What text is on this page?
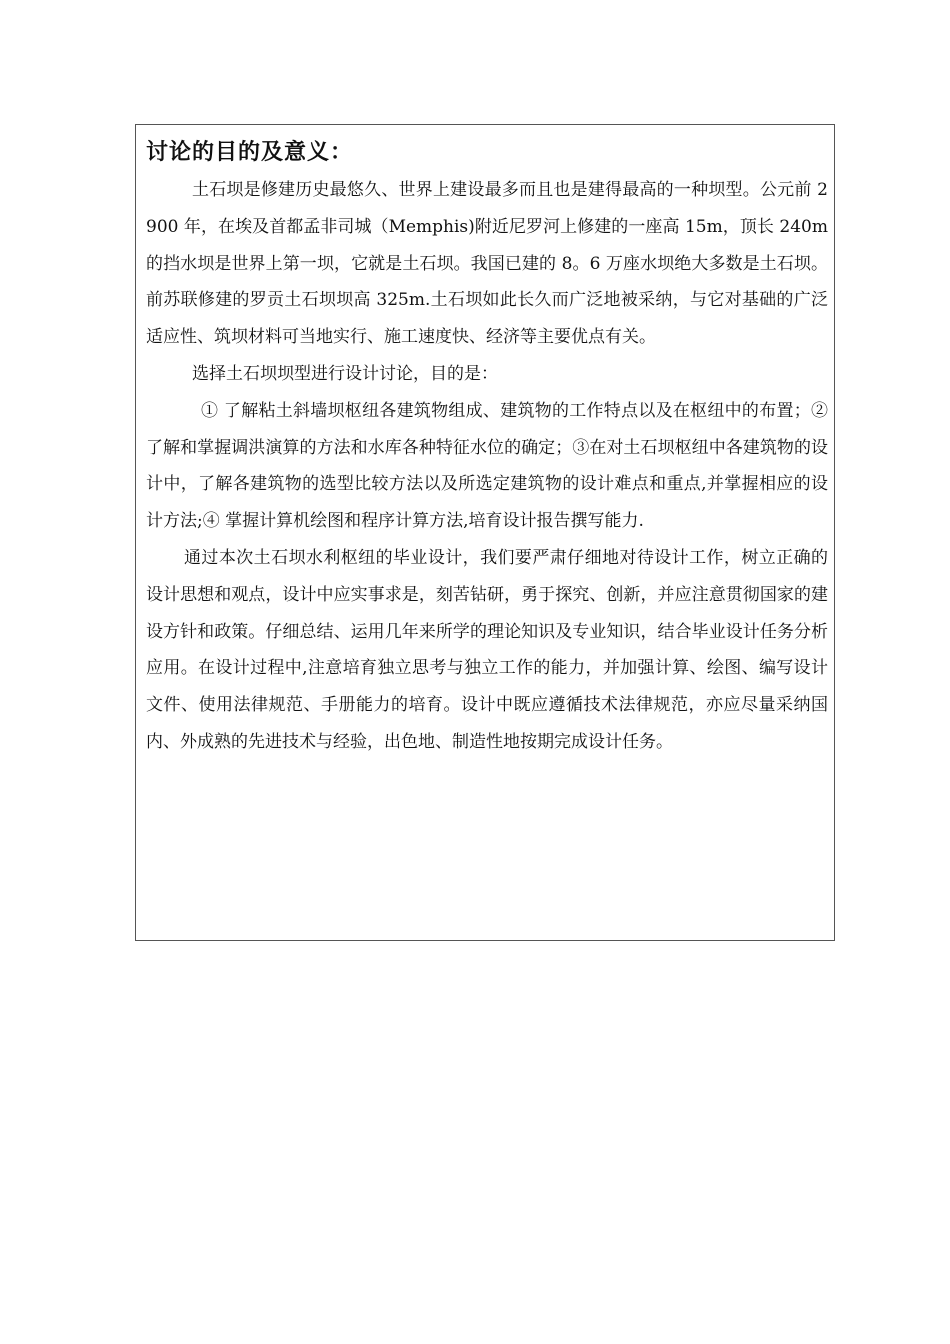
讨论的目的及意义：

土石坝是修建历史最悠久、世界上建设最多而且也是建得最高的一种坝型。公元前 2900 年，在埃及首都孟非司城（Memphis)附近尼罗河上修建的一座高 15m，顶长 240m 的挡水坝是世界上第一坝，它就是土石坝。我国已建的 8。6 万座水坝绝大多数是土石坝。前苏联修建的罗贡土石坝坝高 325m.土石坝如此长久而广泛地被采纳，与它对基础的广泛适应性、筑坝材料可当地实行、施工速度快、经济等主要优点有关。

选择土石坝坝型进行设计讨论，目的是：

① 了解粘土斜墙坝枢纽各建筑物组成、建筑物的工作特点以及在枢纽中的布置；②了解和掌握调洪演算的方法和水库各种特征水位的确定；③在对土石坝枢纽中各建筑物的设计中，了解各建筑物的选型比较方法以及所选定建筑物的设计难点和重点,并掌握相应的设计方法;④ 掌握计算机绘图和程序计算方法,培育设计报告撰写能力.

通过本次土石坝水利枢纽的毕业设计，我们要严肃仔细地对待设计工作，树立正确的设计思想和观点，设计中应实事求是，刻苦钻研，勇于探究、创新，并应注意贯彻国家的建设方针和政策。仔细总结、运用几年来所学的理论知识及专业知识，结合毕业设计任务分析应用。在设计过程中,注意培育独立思考与独立工作的能力，并加强计算、绘图、编写设计文件、使用法律规范、手册能力的培育。设计中既应遵循技术法律规范，亦应尽量采纳国内、外成熟的先进技术与经验，出色地、制造性地按期完成设计任务。
